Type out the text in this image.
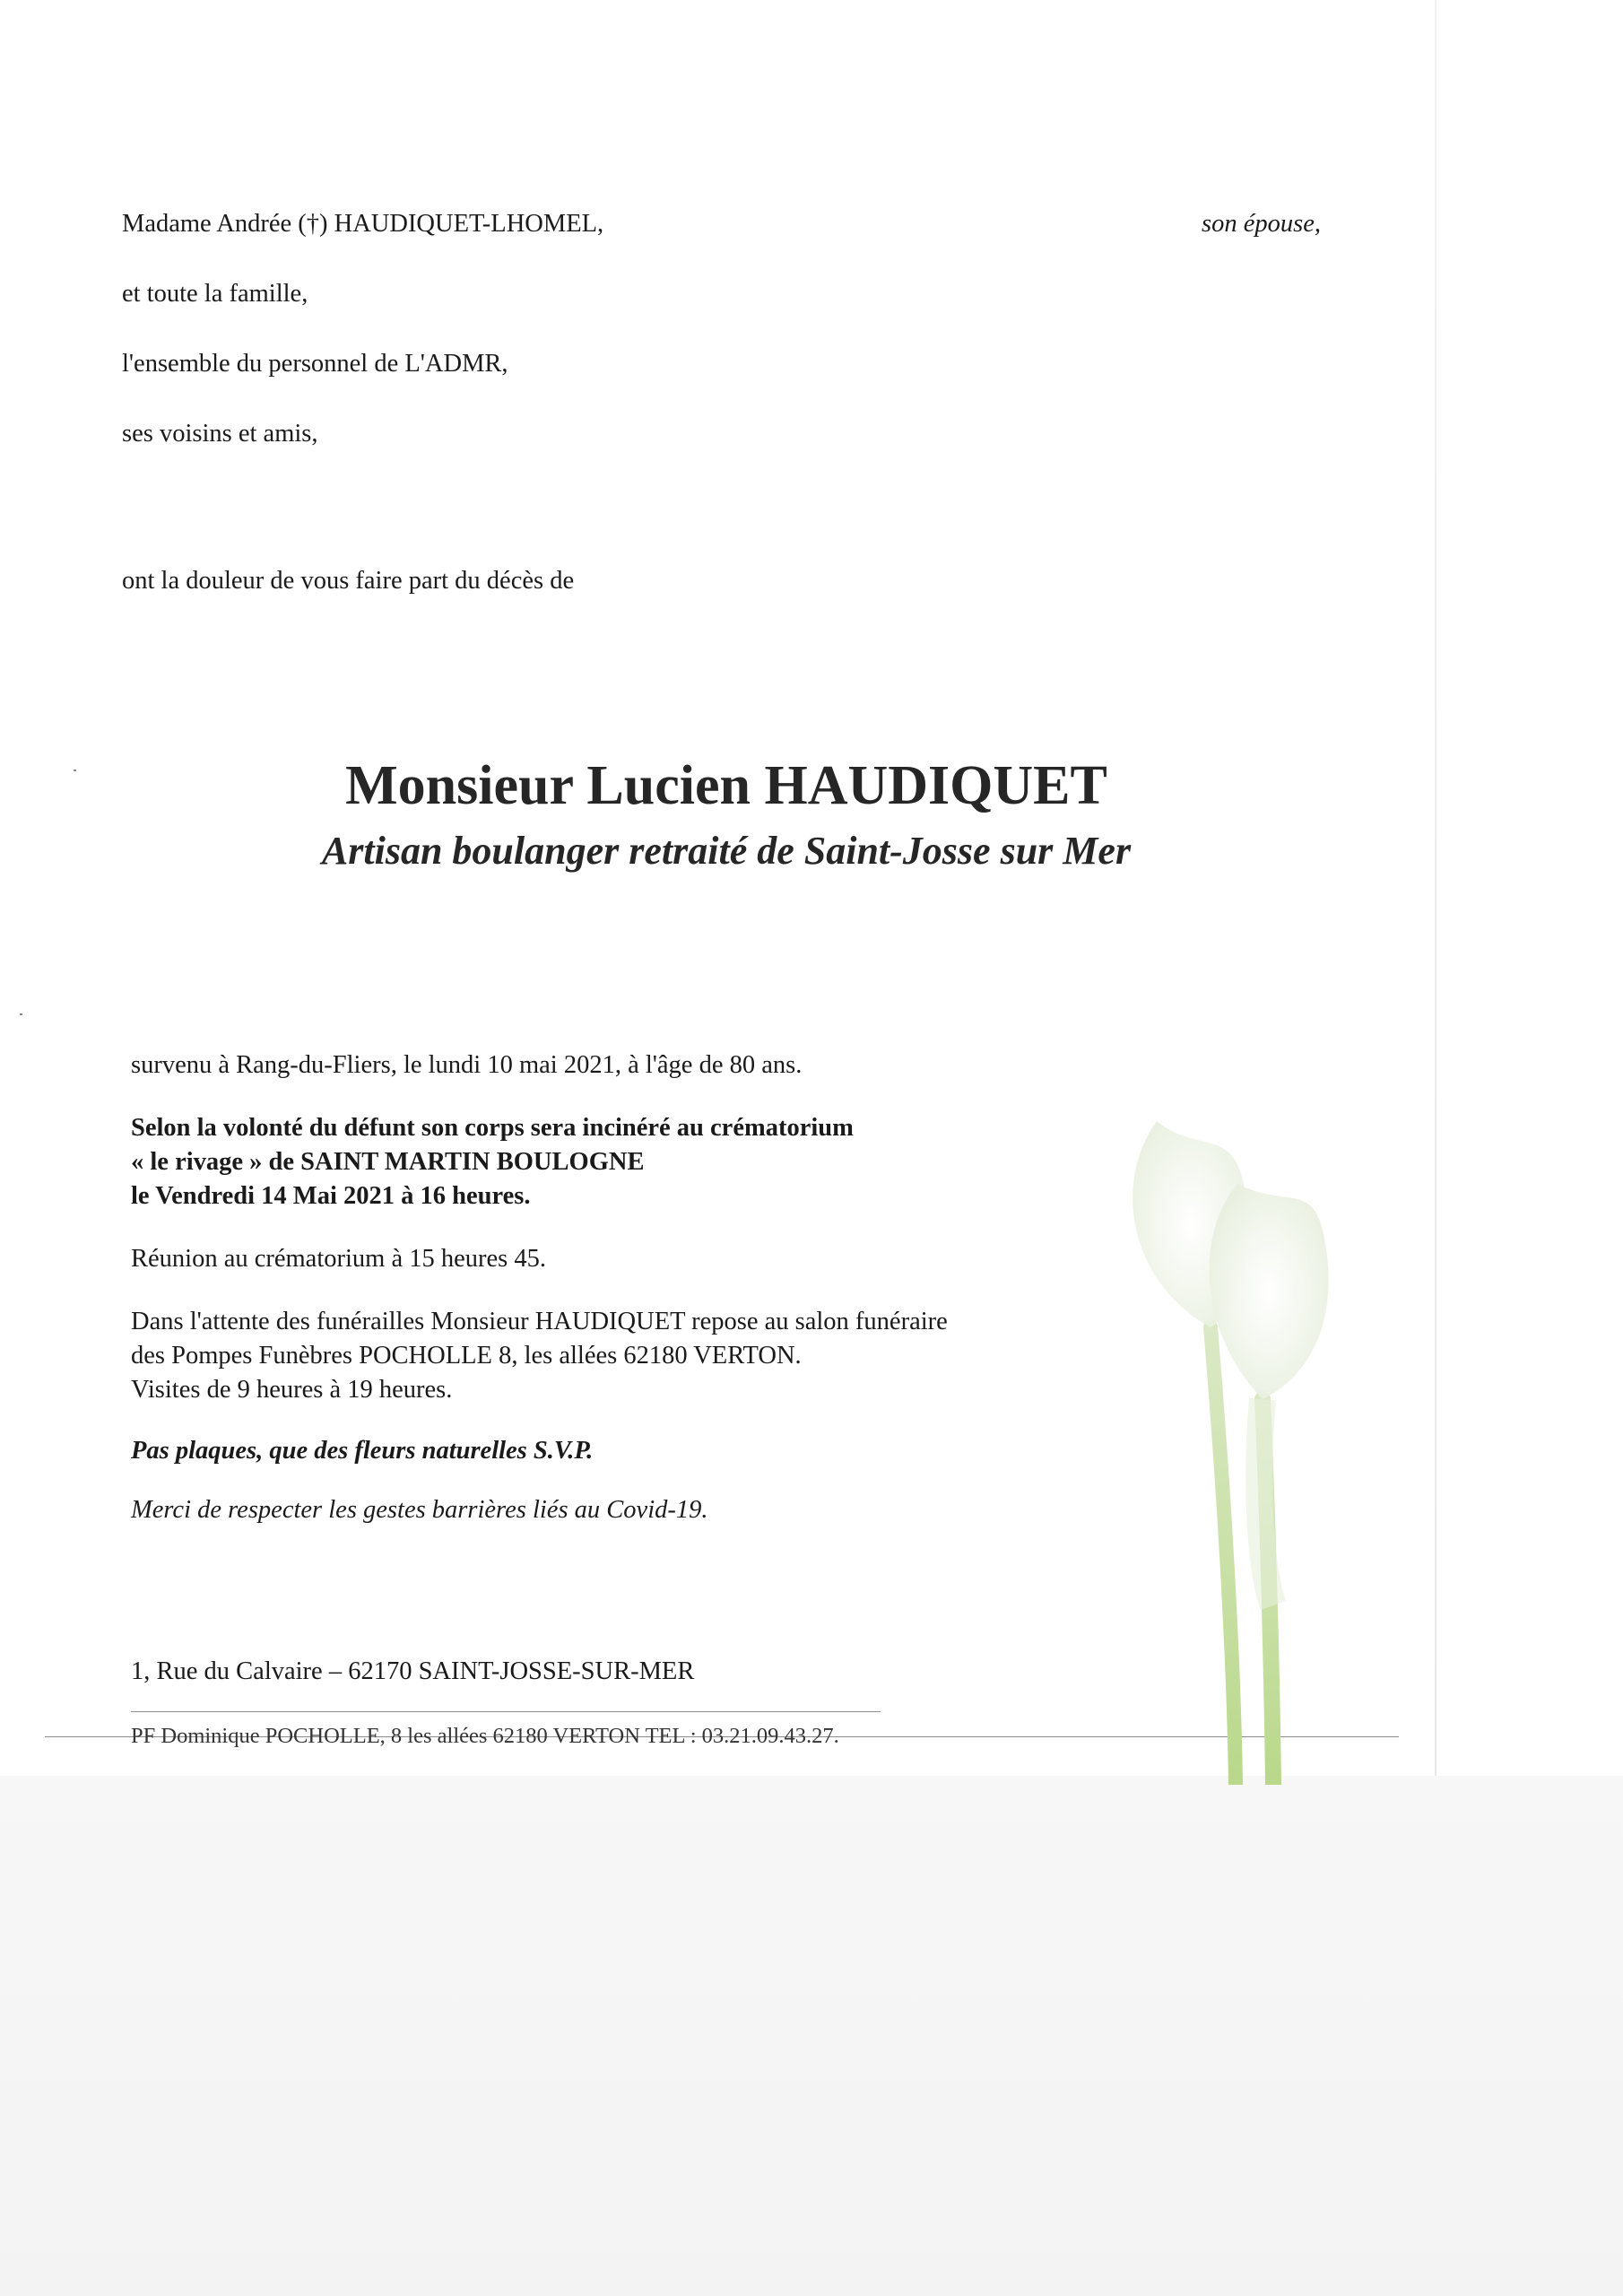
Madame Andrée (†) HAUDIQUET-LHOMEL,	son épouse,
et toute la famille,
l'ensemble du personnel de L'ADMR,
ses voisins et amis,
ont la douleur de vous faire part du décès de
Monsieur Lucien HAUDIQUET
Artisan boulanger retraité de Saint-Josse sur Mer
survenu à Rang-du-Fliers, le lundi 10 mai 2021, à l'âge de 80 ans.
Selon la volonté du défunt son corps sera incinéré au crématorium
« le rivage » de SAINT MARTIN BOULOGNE
le Vendredi 14 Mai 2021 à 16 heures.
Réunion au crématorium à 15 heures 45.
Dans l'attente des funérailles Monsieur HAUDIQUET repose au salon funéraire
des Pompes Funèbres POCHOLLE 8, les allées 62180 VERTON.
Visites de 9 heures à 19 heures.
Pas plaques, que des fleurs naturelles S.V.P.
Merci de respecter les gestes barrières liés au Covid-19.
1, Rue du Calvaire – 62170 SAINT-JOSSE-SUR-MER
PF Dominique POCHOLLE, 8 les allées 62180 VERTON TEL : 03.21.09.43.27.
